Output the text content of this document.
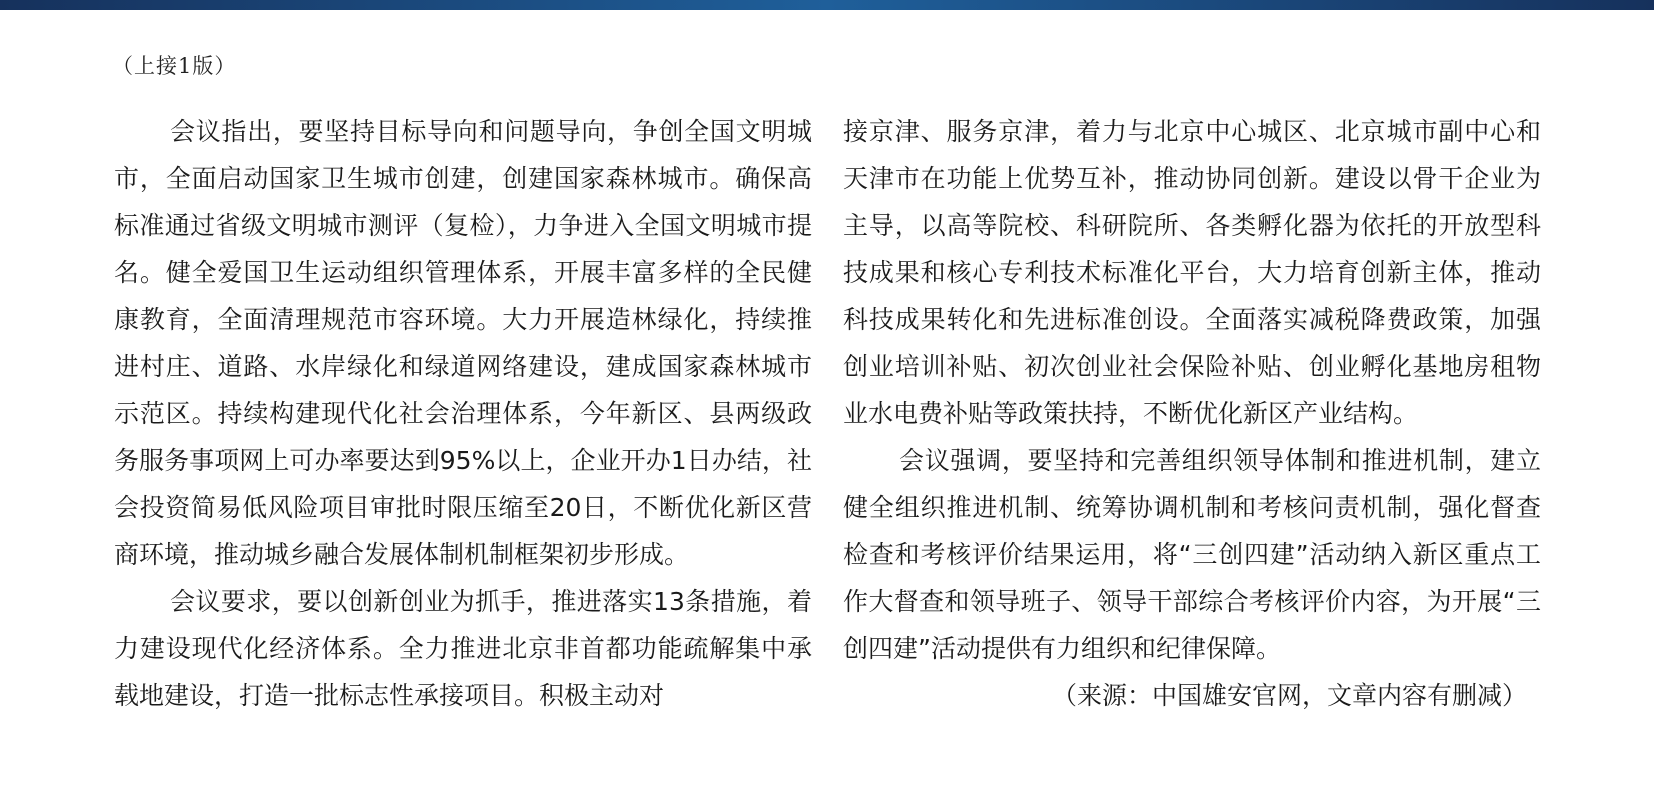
（上接1版）

会议指出，要坚持目标导向和问题导向，争创全国文明城市，全面启动国家卫生城市创建，创建国家森林城市。确保高标准通过省级文明城市测评（复检），力争进入全国文明城市提名。健全爱国卫生运动组织管理体系，开展丰富多样的全民健康教育，全面清理规范市容环境。大力开展造林绿化，持续推进村庄、道路、水岸绿化和绿道网络建设，建成国家森林城市示范区。持续构建现代化社会治理体系，今年新区、县两级政务服务事项网上可办率要达到95%以上，企业开办1日办结，社会投资简易低风险项目审批时限压缩至20日，不断优化新区营商环境，推动城乡融合发展体制机制框架初步形成。

会议要求，要以创新创业为抓手，推进落实13条措施，着力建设现代化经济体系。全力推进北京非首都功能疏解集中承载地建设，打造一批标志性承接项目。积极主动对

接京津、服务京津，着力与北京中心城区、北京城市副中心和天津市在功能上优势互补，推动协同创新。建设以骨干企业为主导，以高等院校、科研院所、各类孵化器为依托的开放型科技成果和核心专利技术标准化平台，大力培育创新主体，推动科技成果转化和先进标准创设。全面落实减税降费政策，加强创业培训补贴、初次创业社会保险补贴、创业孵化基地房租物业水电费补贴等政策扶持，不断优化新区产业结构。

会议强调，要坚持和完善组织领导体制和推进机制，建立健全组织推进机制、统筹协调机制和考核问责机制，强化督查检查和考核评价结果运用，将“三创四建”活动纳入新区重点工作大督查和领导班子、领导干部综合考核评价内容，为开展“三创四建”活动提供有力组织和纪律保障。

（来源：中国雄安官网，文章内容有删减）
